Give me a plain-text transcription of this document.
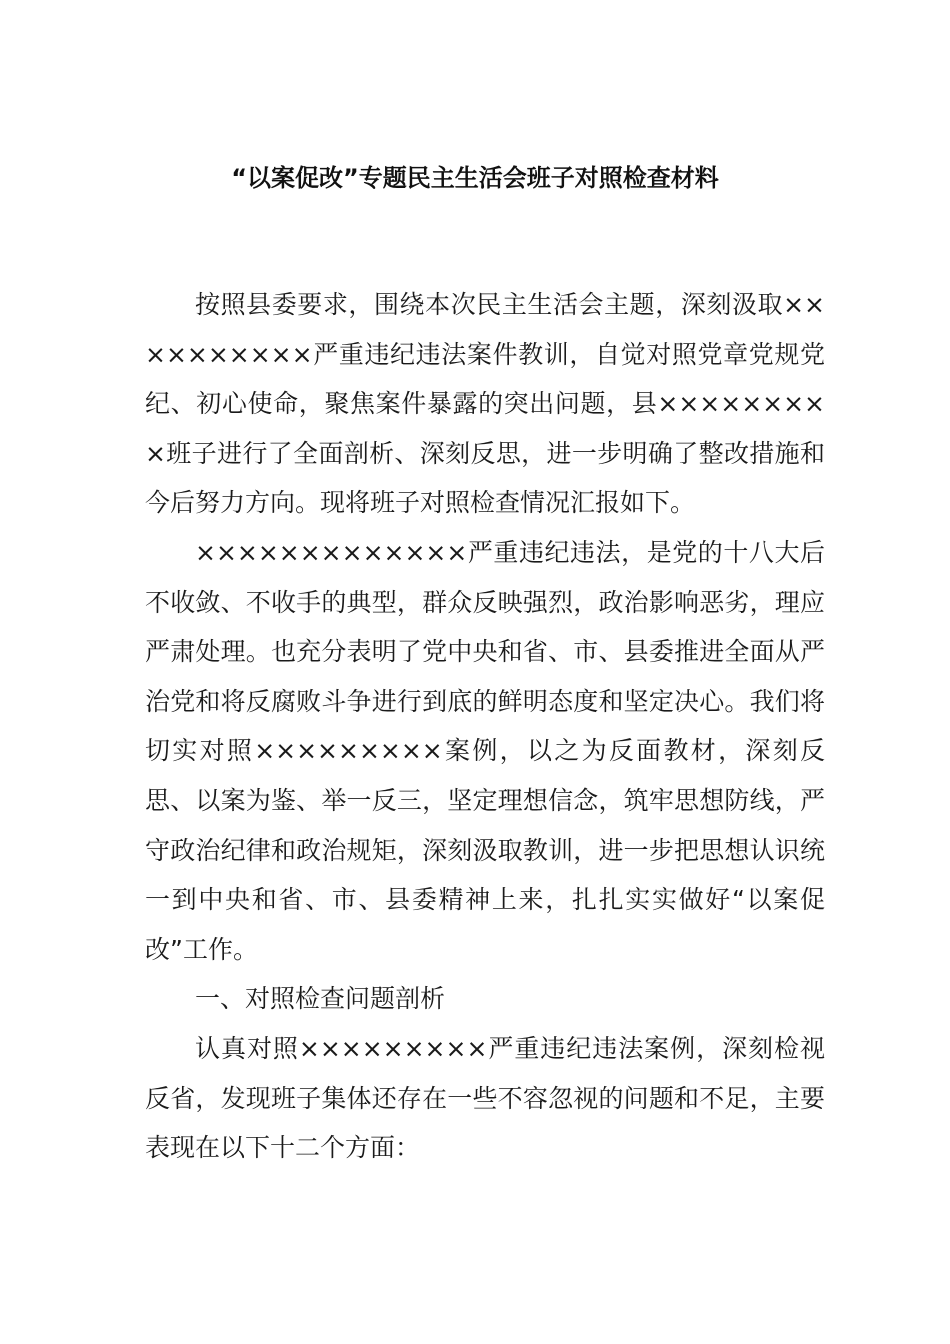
“以案促改”专题民主生活会班子对照检查材料

按照县委要求，围绕本次民主生活会主题，深刻汲取××××××××××严重违纪违法案件教训，自觉对照党章党规党纪、初心使命，聚焦案件暴露的突出问题，县×××××××××班子进行了全面剖析、深刻反思，进一步明确了整改措施和今后努力方向。现将班子对照检查情况汇报如下。

×××××××××××××严重违纪违法，是党的十八大后不收敛、不收手的典型，群众反映强烈，政治影响恶劣，理应严肃处理。也充分表明了党中央和省、市、县委推进全面从严治党和将反腐败斗争进行到底的鲜明态度和坚定决心。我们将切实对照×××××××××案例，以之为反面教材，深刻反思、以案为鉴、举一反三，坚定理想信念，筑牢思想防线，严守政治纪律和政治规矩，深刻汲取教训，进一步把思想认识统一到中央和省、市、县委精神上来，扎扎实实做好“以案促改”工作。

一、对照检查问题剖析

认真对照×××××××××严重违纪违法案例，深刻检视反省，发现班子集体还存在一些不容忽视的问题和不足，主要表现在以下十二个方面：
